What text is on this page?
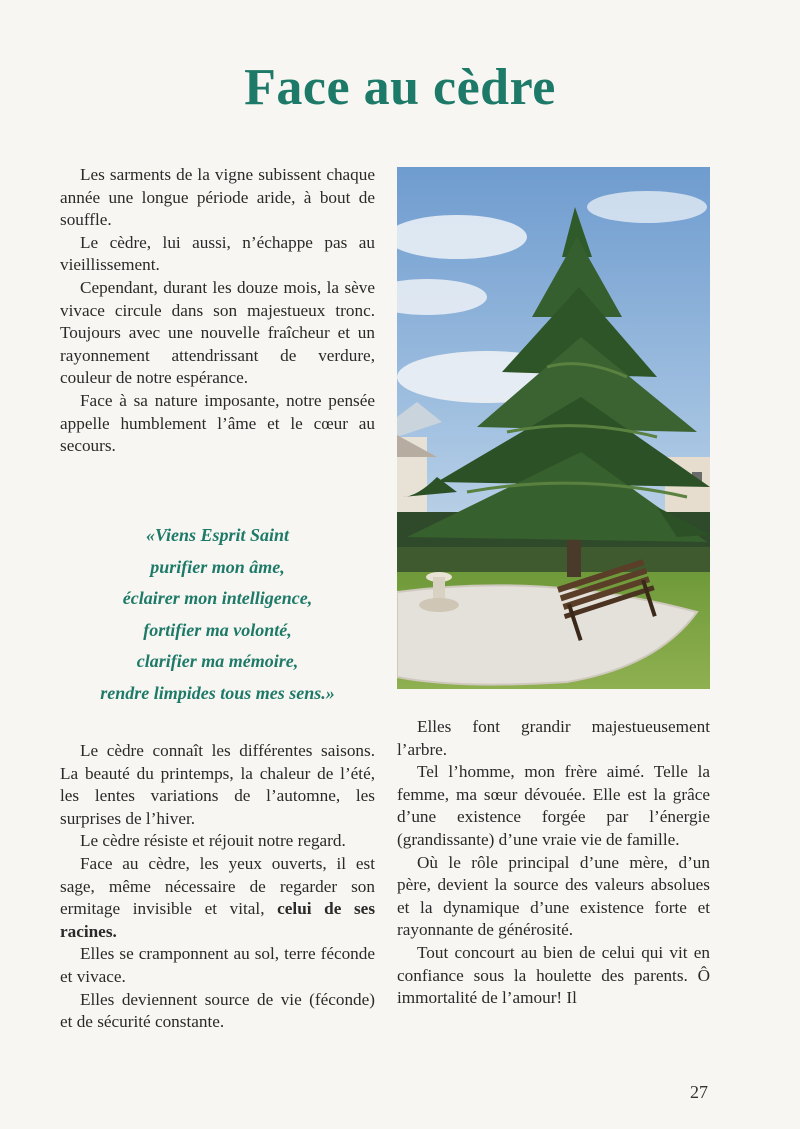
Face au cèdre

Les sarments de la vigne subissent chaque année une longue période aride, à bout de souffle.

Le cèdre, lui aussi, n’échappe pas au vieillissement.

Cependant, durant les douze mois, la sève vivace circule dans son majestueux tronc. Toujours avec une nouvelle fraîcheur et un rayonnement attendrissant de verdure, couleur de notre espérance.

Face à sa nature imposante, notre pensée appelle humblement l’âme et le cœur au secours.

«Viens Esprit Saint
purifier mon âme,
éclairer mon intelligence,
fortifier ma volonté,
clarifier ma mémoire,
rendre limpides tous mes sens.»

Le cèdre connaît les différentes saisons. La beauté du printemps, la chaleur de l’été, les lentes variations de l’automne, les surprises de l’hiver.

Le cèdre résiste et réjouit notre regard.

Face au cèdre, les yeux ouverts, il est sage, même nécessaire de regarder son ermitage invisible et vital, celui de ses racines.

Elles se cramponnent au sol, terre féconde et vivace.

Elles deviennent source de vie (féconde) et de sécurité constante.

Elles font grandir majestueusement l’arbre.

Tel l’homme, mon frère aimé. Telle la femme, ma sœur dévouée. Elle est la grâce d’une existence forgée par l’énergie (grandissante) d’une vraie vie de famille.

Où le rôle principal d’une mère, d’un père, devient la source des valeurs absolues et la dynamique d’une existence forte et rayonnante de générosité.

Tout concourt au bien de celui qui vit en confiance sous la houlette des parents. Ô immortalité de l’amour! Il

27
